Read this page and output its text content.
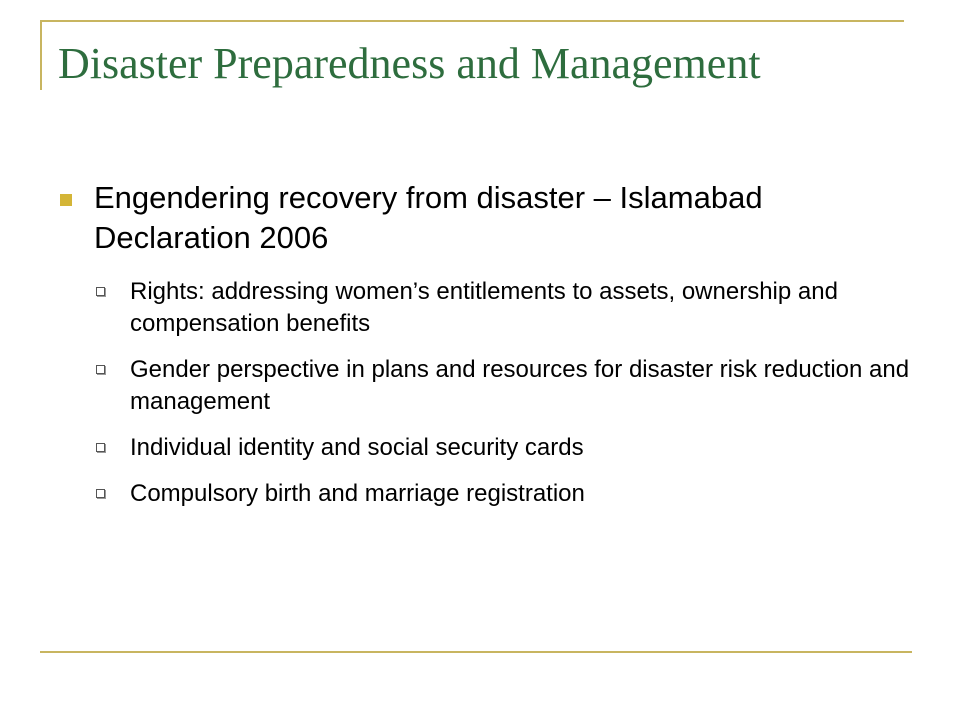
Disaster Preparedness and Management
Engendering recovery from disaster – Islamabad Declaration 2006
Rights: addressing women’s entitlements to assets, ownership and compensation benefits
Gender perspective in plans and resources for disaster risk reduction and management
Individual identity and social security cards
Compulsory birth and marriage registration
